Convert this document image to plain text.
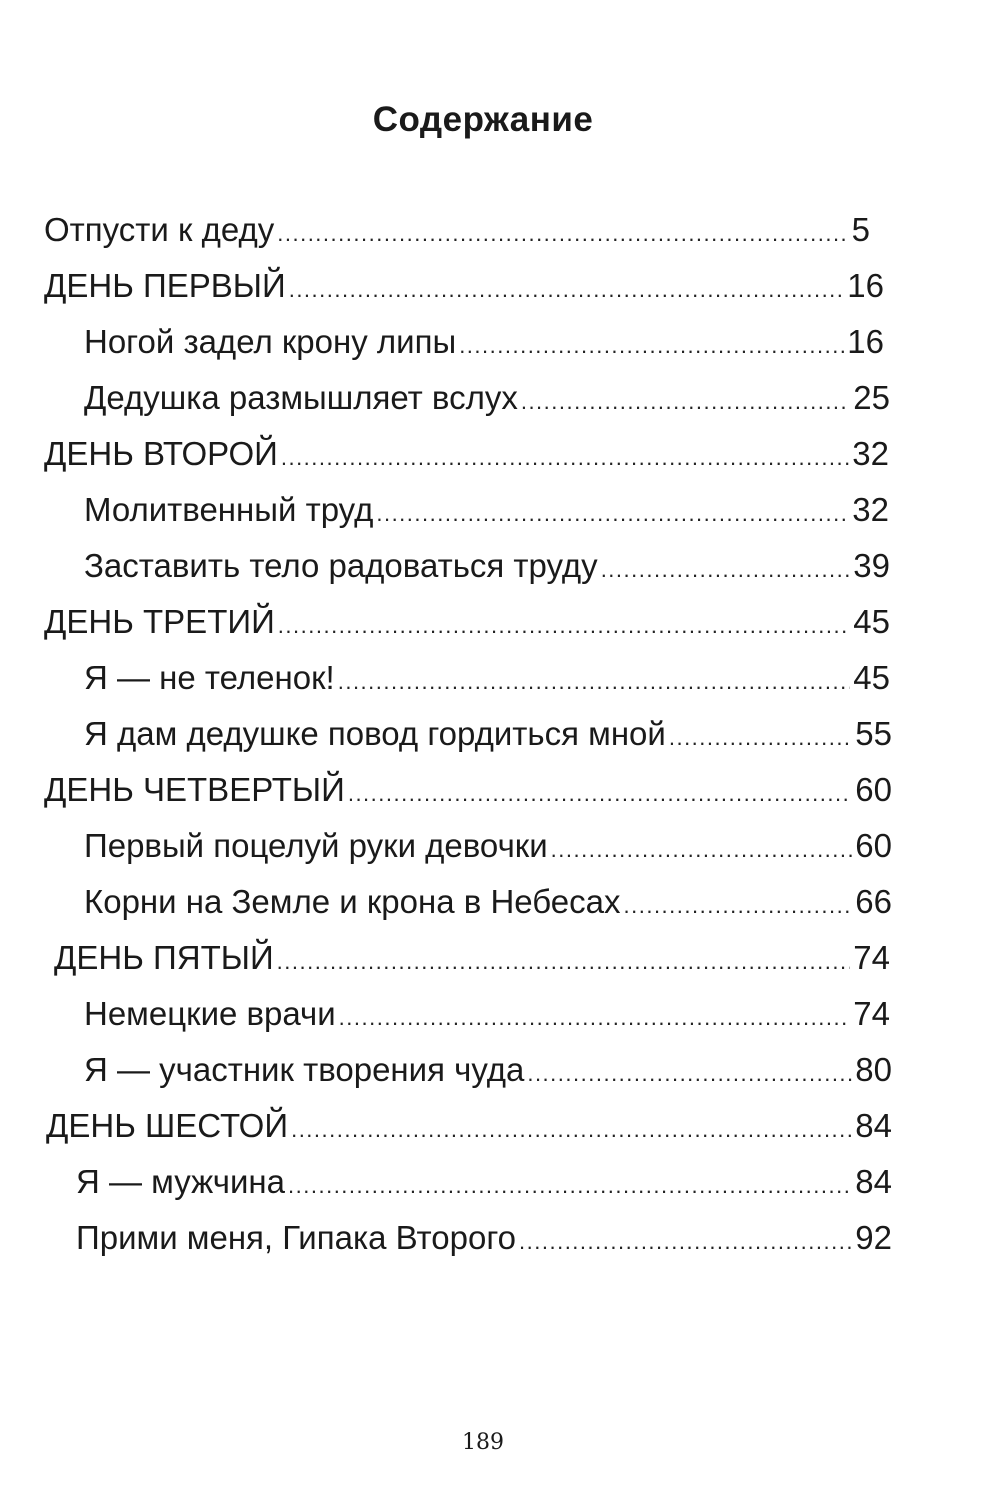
Содержание
Отпусти к деду .....	5
ДЕНЬ ПЕРВЫЙ .....	16
Ногой задел крону липы .....	16
Дедушка размышляет вслух .....	25
ДЕНЬ ВТОРОЙ .....	32
Молитвенный труд .....	32
Заставить тело радоваться труду .....	39
ДЕНЬ ТРЕТИЙ .....	45
Я — не теленок! .....	45
Я дам дедушке повод гордиться мной .....	55
ДЕНЬ ЧЕТВЕРТЫЙ .....	60
Первый поцелуй руки девочки .....	60
Корни на Земле и крона в Небесах .....	66
ДЕНЬ ПЯТЫЙ .....	74
Немецкие врачи .....	74
Я — участник творения чуда .....	80
ДЕНЬ ШЕСТОЙ .....	84
Я — мужчина .....	84
Прими меня, Гипака Второго .....	92
189
